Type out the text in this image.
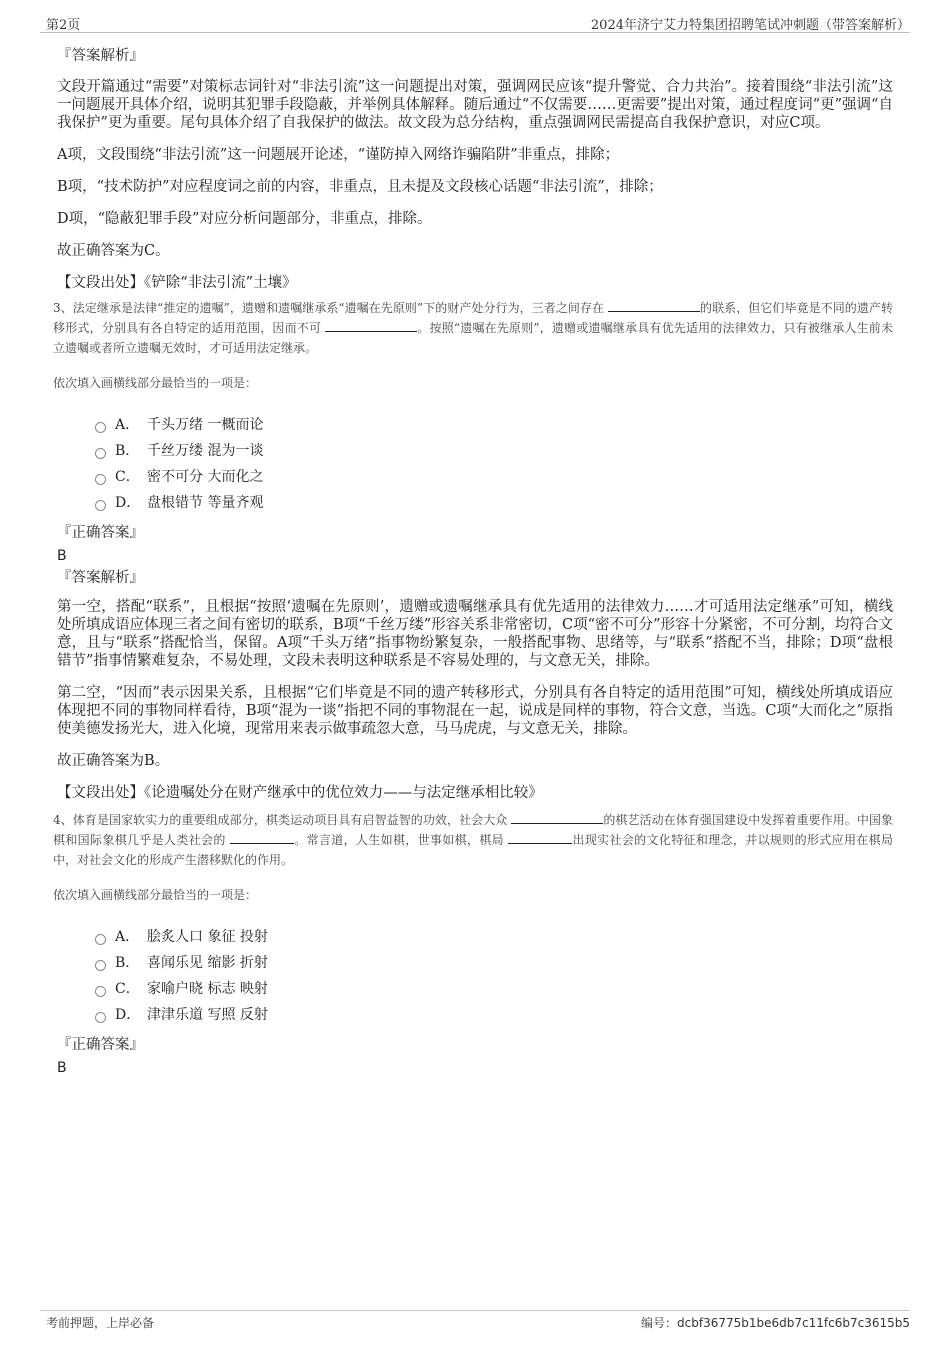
第2页	2024年济宁艾力特集团招聘笔试冲刺题（带答案解析）
『答案解析』

文段开篇通过“需要”对策标志词针对“非法引流”这一问题提出对策，强调网民应该“提升警觉、合力共治”。接着围绕“非法引流”这一问题展开具体介绍，说明其犯罪手段隐蔽，并举例具体解释。随后通过“不仅需要……更需要”提出对策，通过程度词“更”强调“自我保护”更为重要。尾句具体介绍了自我保护的做法。故文段为总分结构，重点强调网民需提高自我保护意识，对应C项。

A项，文段围绕“非法引流”这一问题展开论述，“谨防掉入网络诈骗陷阱”非重点，排除；

B项，“技术防护”对应程度词之前的内容，非重点，且未提及文段核心话题“非法引流”，排除；

D项，“隐蔽犯罪手段”对应分析问题部分，非重点，排除。

故正确答案为C。

【文段出处】《铲除“非法引流”土壤》

3、法定继承是法律“推定的遗嘱”，遗赠和遗嘱继承系“遗嘱在先原则”下的财产处分行为，三者之间存在	的联系，但它们毕竟是不同的遗产转移形式，分别具有各自特定的适用范围，因而不可	。按照“遗嘱在先原则”，遗赠或遗嘱继承具有优先适用的法律效力，只有被继承人生前未立遗嘱或者所立遗嘱无效时，才可适用法定继承。

依次填入画横线部分最恰当的一项是：

A． 千头万绪 一概而论
B． 千丝万缕 混为一谈
C． 密不可分 大而化之
D． 盘根错节 等量齐观
『正确答案』
B
『答案解析』

第一空，搭配“联系”，且根据“按照‘遗嘱在先原则’，遗赠或遗嘱继承具有优先适用的法律效力……才可适用法定继承”可知，横线处所填成语应体现三者之间有密切的联系，B项“千丝万缕”形容关系非常密切，C项“密不可分”形容十分紧密，不可分割，均符合文意，且与“联系”搭配恰当，保留。A项“千头万绪”指事物纷繁复杂，一般搭配事物、思绪等，与“联系”搭配不当，排除；D项“盘根错节”指事情繁难复杂，不易处理，文段未表明这种联系是不容易处理的，与文意无关，排除。

第二空，“因而”表示因果关系，且根据“它们毕竟是不同的遗产转移形式，分别具有各自特定的适用范围”可知，横线处所填成语应体现把不同的事物同样看待，B项“混为一谈”指把不同的事物混在一起，说成是同样的事物，符合文意，当选。C项“大而化之”原指使美德发扬光大，进入化境，现常用来表示做事疏忽大意，马马虎虎，与文意无关，排除。

故正确答案为B。

【文段出处】《论遗嘱处分在财产继承中的优位效力——与法定继承相比较》

4、体育是国家软实力的重要组成部分，棋类运动项目具有启智益智的功效，社会大众	的棋艺活动在体育强国建设中发挥着重要作用。中国象棋和国际象棋几乎是人类社会的	。常言道，人生如棋，世事如棋，棋局	出现实社会的文化特征和理念，并以规则的形式应用在棋局中，对社会文化的形成产生潜移默化的作用。

依次填入画横线部分最恰当的一项是：

A． 脍炙人口 象征 投射
B． 喜闻乐见 缩影 折射
C． 家喻户晓 标志 映射
D． 津津乐道 写照 反射
『正确答案』
B
考前押题，上岸必备	编号：dcbf36775b1be6db7c11fc6b7c3615b5
